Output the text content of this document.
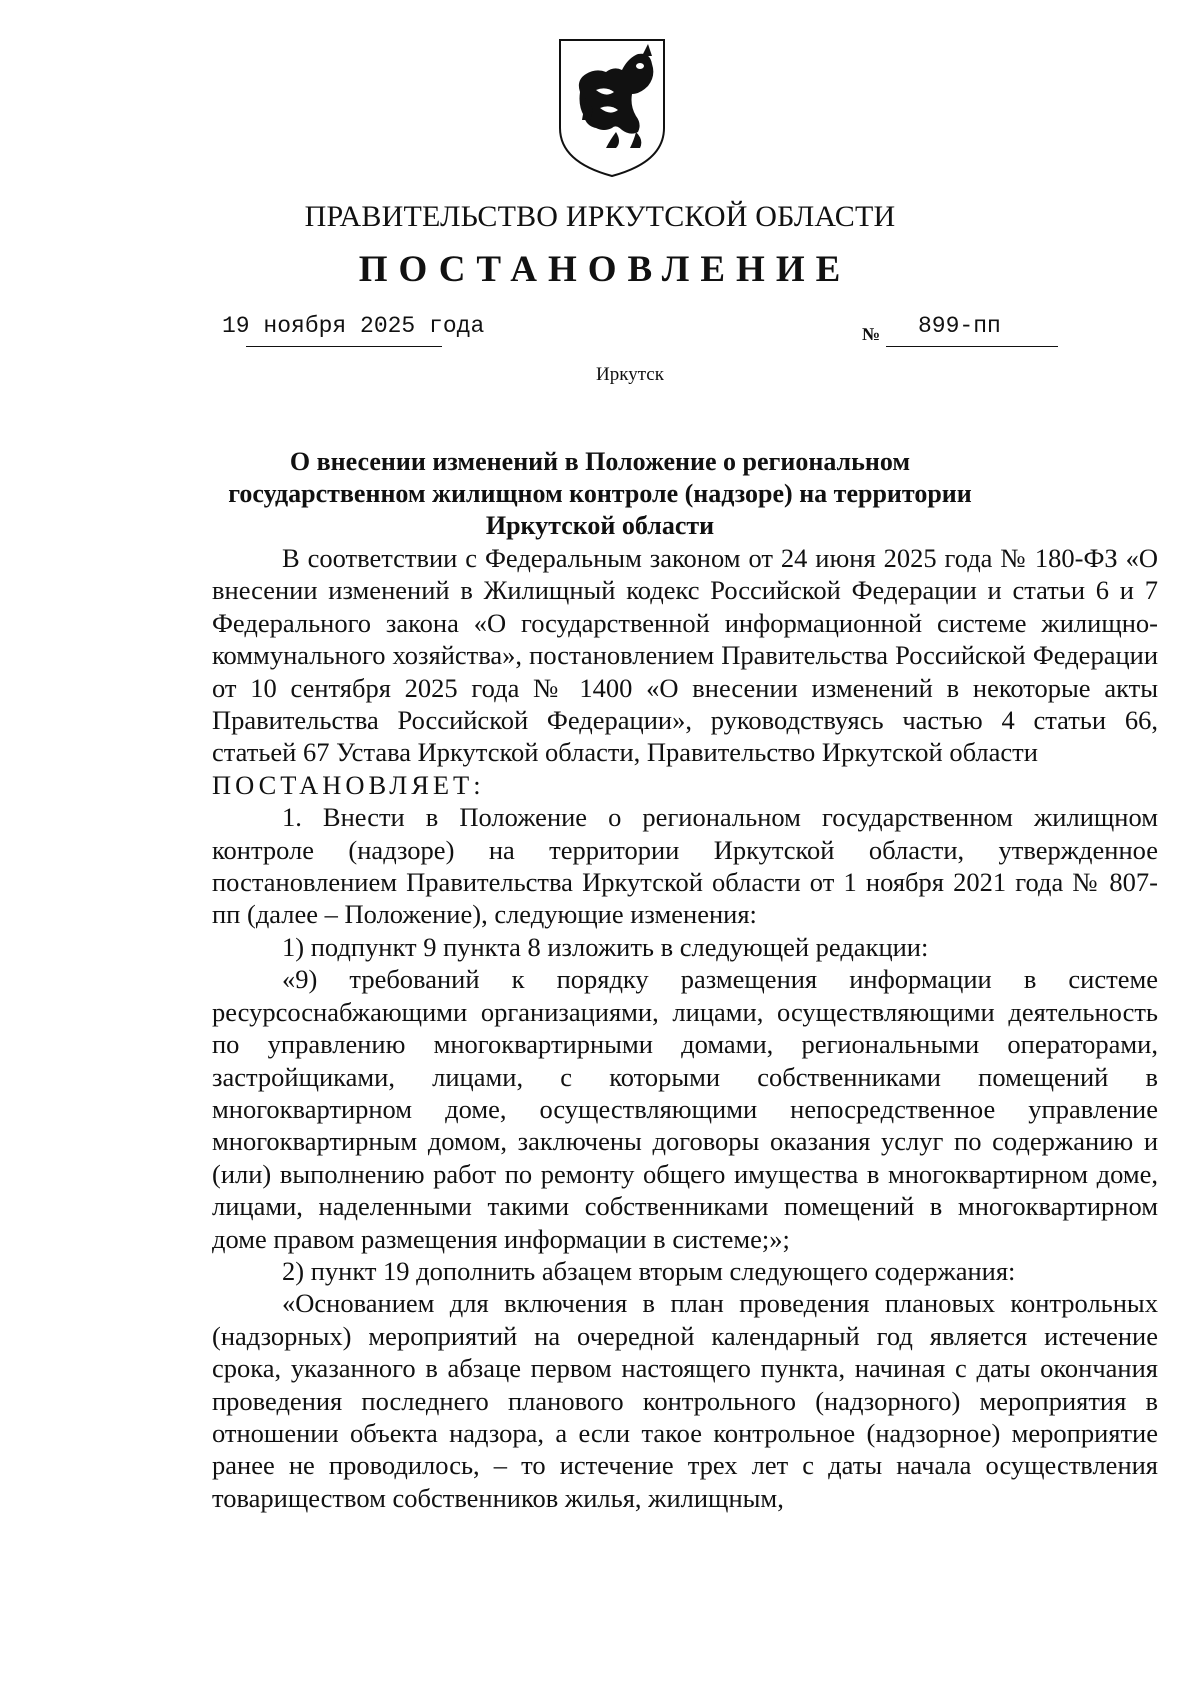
ПРАВИТЕЛЬСТВО ИРКУТСКОЙ ОБЛАСТИ
ПОСТАНОВЛЕНИЕ
19 ноября 2025 года	№ 899-пп
Иркутск
О внесении изменений в Положение о региональном государственном жилищном контроле (надзоре) на территории Иркутской области

В соответствии с Федеральным законом от 24 июня 2025 года № 180-ФЗ «О внесении изменений в Жилищный кодекс Российской Федерации и статьи 6 и 7 Федерального закона «О государственной информационной системе жилищно-коммунального хозяйства», постановлением Правительства Российской Федерации от 10 сентября 2025 года № 1400 «О внесении изменений в некоторые акты Правительства Российской Федерации», руководствуясь частью 4 статьи 66, статьей 67 Устава Иркутской области, Правительство Иркутской области

ПОСТАНОВЛЯЕТ:

1. Внести в Положение о региональном государственном жилищном контроле (надзоре) на территории Иркутской области, утвержденное постановлением Правительства Иркутской области от 1 ноября 2021 года № 807-пп (далее – Положение), следующие изменения:

1) подпункт 9 пункта 8 изложить в следующей редакции:

«9) требований к порядку размещения информации в системе ресурсоснабжающими организациями, лицами, осуществляющими деятельность по управлению многоквартирными домами, региональными операторами, застройщиками, лицами, с которыми собственниками помещений в многоквартирном доме, осуществляющими непосредственное управление многоквартирным домом, заключены договоры оказания услуг по содержанию и (или) выполнению работ по ремонту общего имущества в многоквартирном доме, лицами, наделенными такими собственниками помещений в многоквартирном доме правом размещения информации в системе;»;

2) пункт 19 дополнить абзацем вторым следующего содержания:

«Основанием для включения в план проведения плановых контрольных (надзорных) мероприятий на очередной календарный год является истечение срока, указанного в абзаце первом настоящего пункта, начиная с даты окончания проведения последнего планового контрольного (надзорного) мероприятия в отношении объекта надзора, а если такое контрольное (надзорное) мероприятие ранее не проводилось, – то истечение трех лет с даты начала осуществления товариществом собственников жилья, жилищным,
